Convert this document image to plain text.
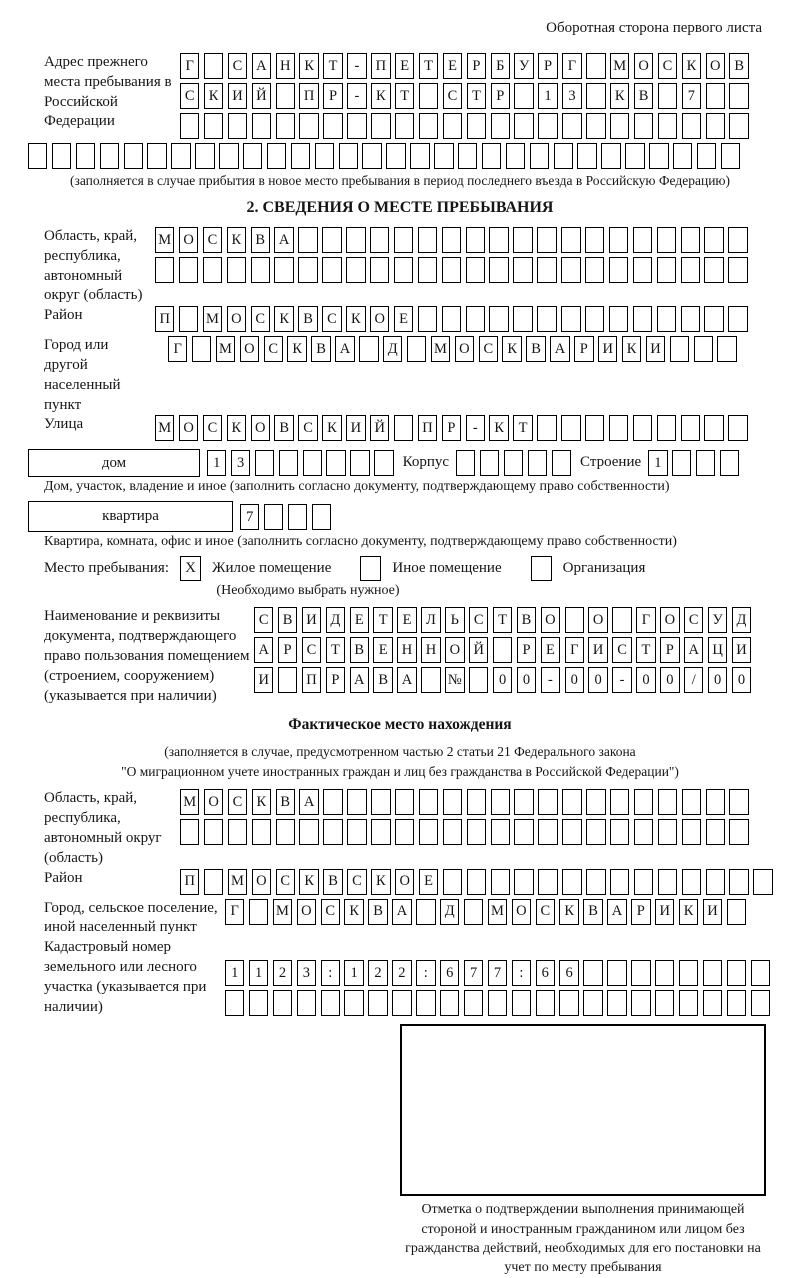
Оборотная сторона первого листа
Адрес прежнего места пребывания в Российской Федерации
Г	С А Н К	Т	-	П Е	Т	Е	Р	Б	У	Р	Г	М О С К О В
С К И Й	П	Р	-	К	Т	С	Т	Р	1	3	К В	7
(заполняется в случае прибытия в новое место пребывания в период последнего въезда в Российскую Федерацию)
2. СВЕДЕНИЯ О МЕСТЕ ПРЕБЫВАНИЯ
Область, край, республика, автономный округ (область)
М О С К В А
Район	П	М О С К В С К О Е
Город или другой населенный пункт
Г	М О С К В А	Д	М О С К В А	Р	И К И
Улица	М О С К О В С К И Й	П	Р	-	К	Т
дом	1	3	Корпус	Строение 1
Дом, участок, владение и иное (заполнить согласно документу, подтверждающему право собственности)
квартира	7
Квартира, комната, офис и иное (заполнить согласно документу, подтверждающему право собственности)
Место пребывания:	X	Жилое помещение	Иное помещение	Организация
(Необходимо выбрать нужное)
Наименование и реквизиты документа, подтверждающего право пользования помещением (строением, сооружением) (указывается при наличии)
С В И Д	Е	Т	Е	Л	Ь	С	Т	В О	О	Г О С У Д
А	Р	С	Т	В	Е Н Н О Й	Р	Е	Г И С	Т	Р	А Ц И
И	П	Р	А В А	№	0	0	-	0	0	-	0	0	/	0	0
Фактическое место нахождения
(заполняется в случае, предусмотренном частью 2 статьи 21 Федерального закона
"О миграционном учете иностранных граждан и лиц без гражданства в Российской Федерации")
Область, край, республика, автономный округ (область)
М О С К В А
Район	П	М О С К В С К О Е
Город, сельское поселение, иной населенный пункт
Г	М О С К В А	Д	М О С К В А	Р	И К И
Кадастровый номер земельного или лесного участка (указывается при наличии)
1	1	2	3	:	1	2	2	:	6	7	7	:	6	6
Отметка о подтверждении выполнения принимающей стороной и иностранным гражданином или лицом без гражданства действий, необходимых для его постановки на учет по месту пребывания
